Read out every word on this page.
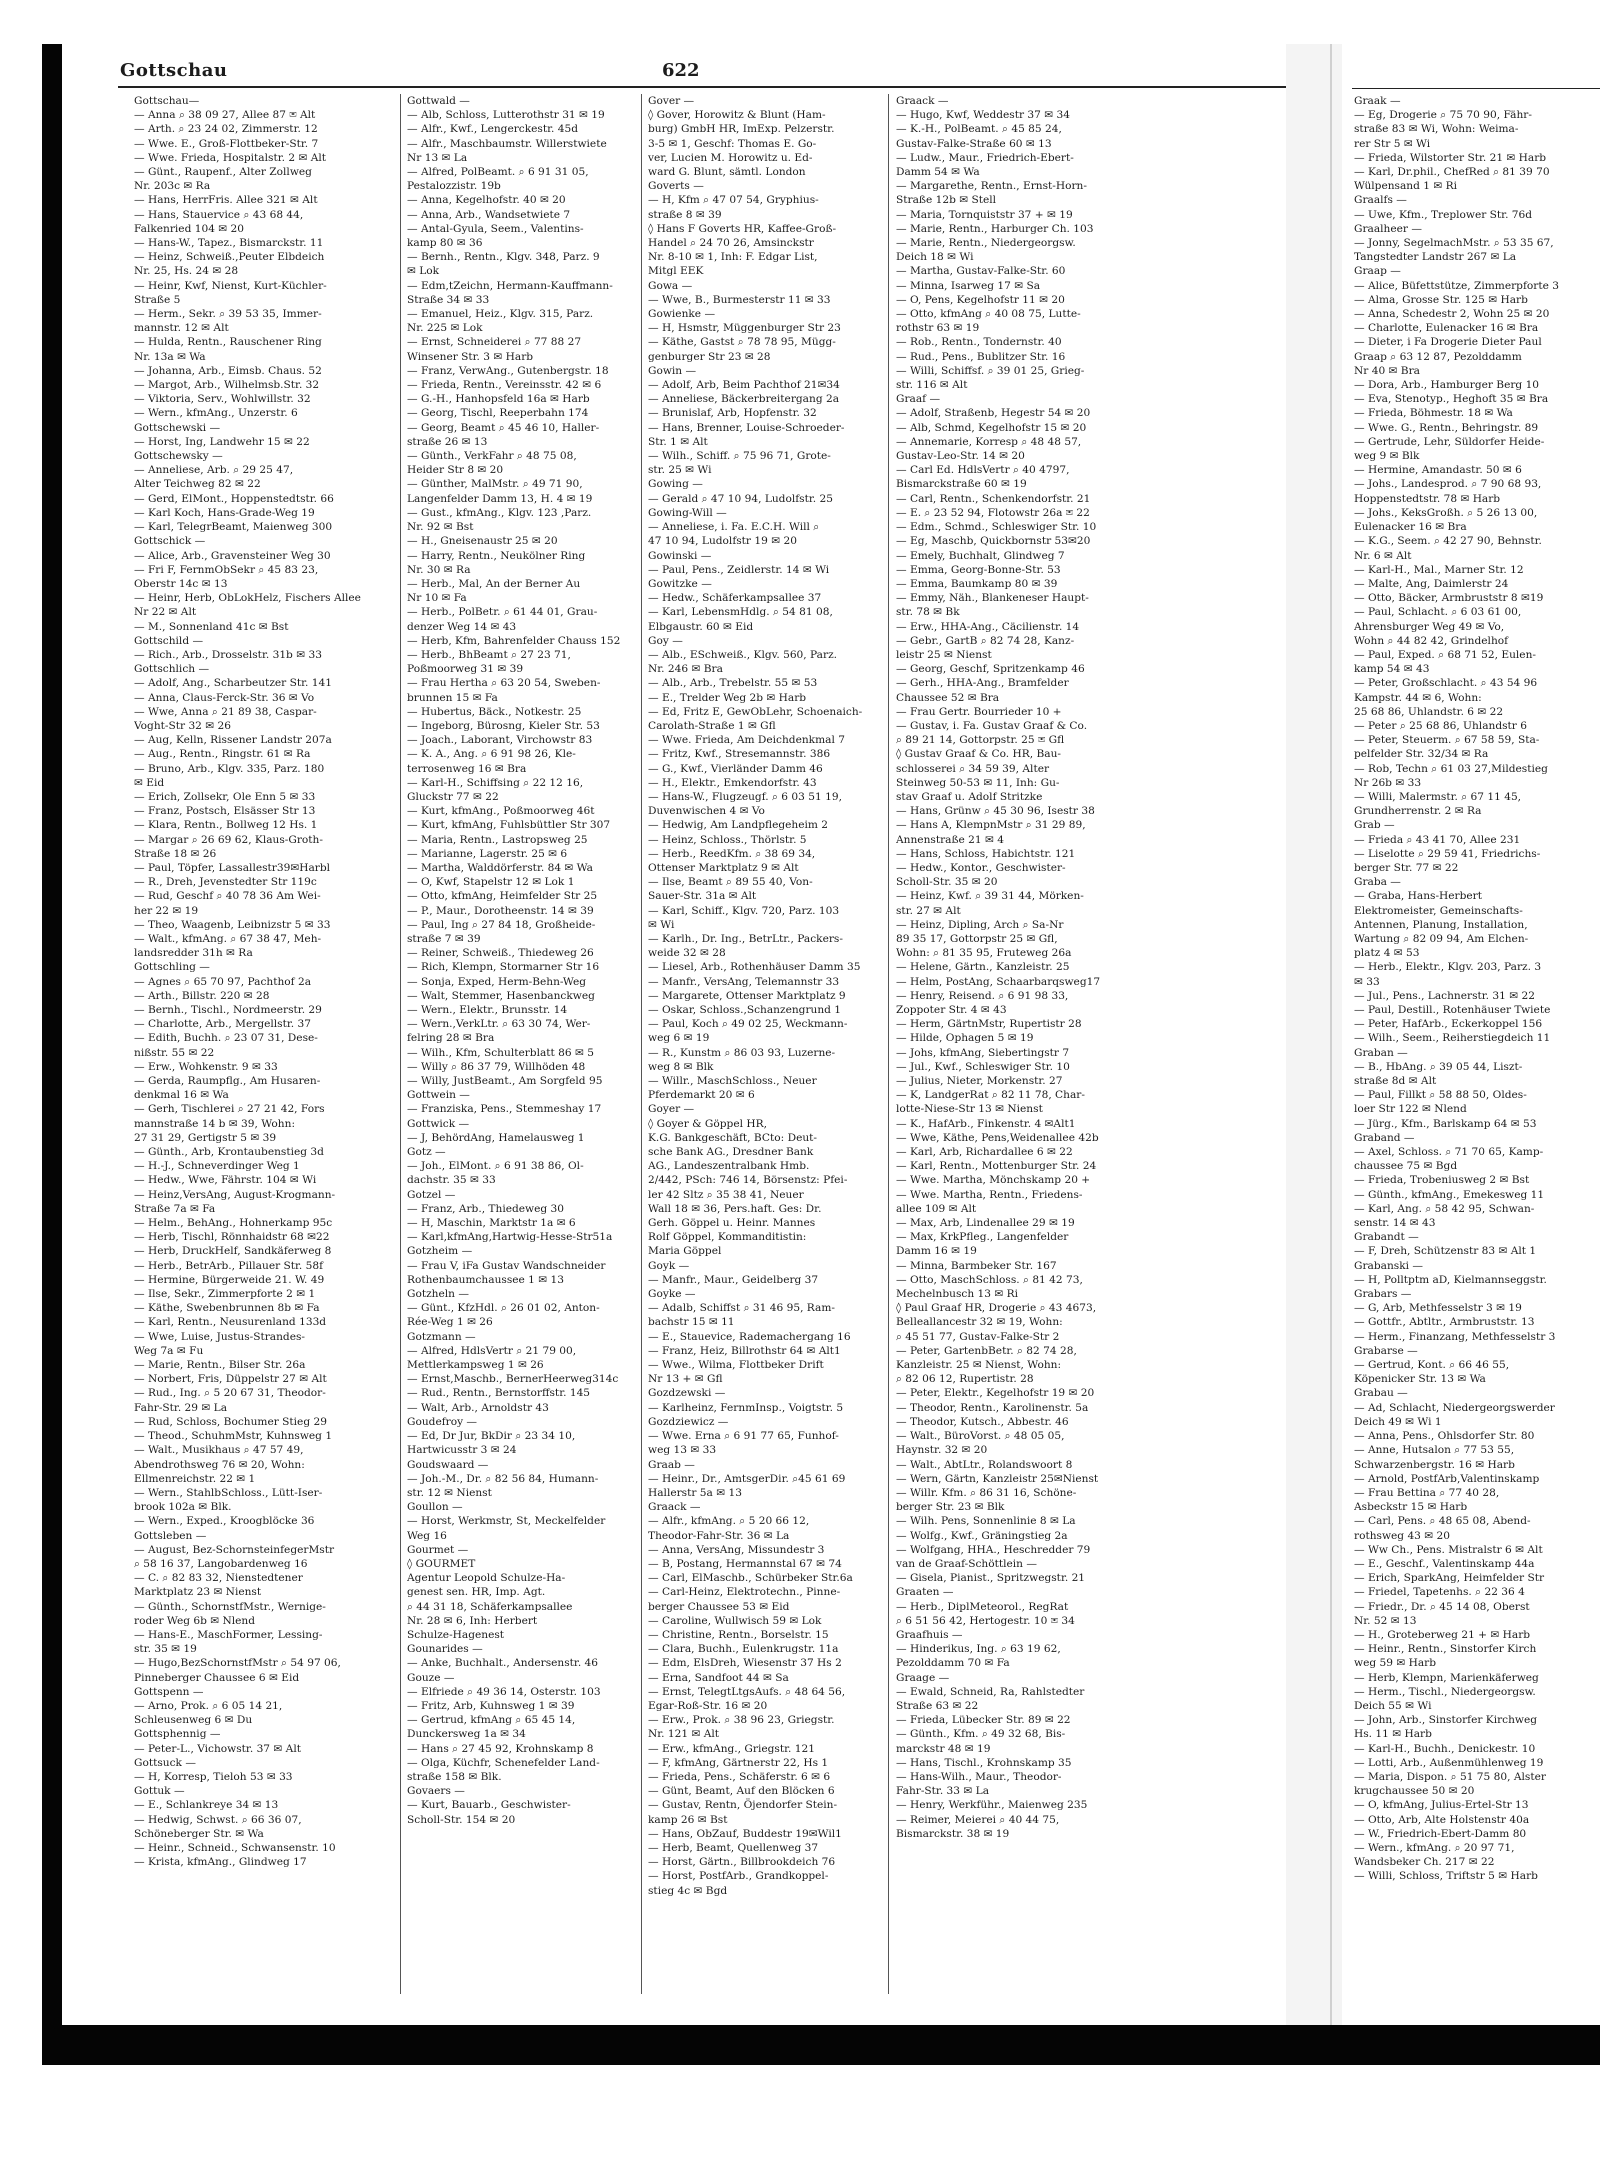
Gottschau	622

Gottschau—

— Anna ⌕ 38 09 27, Allee 87 ✉ Alt

— Arth. ⌕ 23 24 02, Zimmerstr. 12

— Wwe. E., Groß-Flottbeker-Str. 7

— Wwe. Frieda, Hospitalstr. 2 ✉ Alt

— Günt., Raupenf., Alter Zollweg

Nr. 203c ✉ Ra

— Hans, HerrFris. Allee 321 ✉ Alt

— Hans, Stauervice ⌕ 43 68 44,

Falkenried 104 ✉ 20

— Hans-W., Tapez., Bismarckstr. 11

— Heinz, Schweiß.,Peuter Elbdeich

Nr. 25, Hs. 24 ✉ 28

— Heinr, Kwf, Nienst, Kurt-Küchler-

Straße 5

— Herm., Sekr. ⌕ 39 53 35, Immer-

mannstr. 12 ✉ Alt

— Hulda, Rentn., Rauschener Ring

Nr. 13a ✉ Wa

— Johanna, Arb., Eimsb. Chaus. 52

— Margot, Arb., Wilhelmsb.Str. 32

— Viktoria, Serv., Wohlwillstr. 32

— Wern., kfmAng., Unzerstr. 6

Gottschewski —

— Horst, Ing, Landwehr 15 ✉ 22

Gottschewsky —

— Anneliese, Arb. ⌕ 29 25 47,

Alter Teichweg 82 ✉ 22

— Gerd, ElMont., Hoppenstedtstr. 66

— Karl Koch, Hans-Grade-Weg 19

— Karl, TelegrBeamt, Maienweg 300

Gottschick —

— Alice, Arb., Gravensteiner Weg 30

— Fri F, FernmObSekr ⌕ 45 83 23,

Oberstr 14c ✉ 13

— Heinr, Herb, ObLokHelz, Fischers Allee

Nr 22 ✉ Alt

— M., Sonnenland 41c ✉ Bst

Gottschild —

— Rich., Arb., Drosselstr. 31b ✉ 33

Gottschlich —

— Adolf, Ang., Scharbeutzer Str. 141

— Anna, Claus-Ferck-Str. 36 ✉ Vo

— Wwe, Anna ⌕ 21 89 38, Caspar-

Voght-Str 32 ✉ 26

— Aug, Kelln, Rissener Landstr 207a

— Aug., Rentn., Ringstr. 61 ✉ Ra

— Bruno, Arb., Klgv. 335, Parz. 180

✉ Eid

— Erich, Zollsekr, Ole Enn 5 ✉ 33

— Franz, Postsch, Elsässer Str 13

— Klara, Rentn., Bollweg 12 Hs. 1

— Margar ⌕ 26 69 62, Klaus-Groth-

Straße 18 ✉ 26

— Paul, Töpfer, Lassallestr39✉Harbl

— R., Dreh, Jevenstedter Str 119c

— Rud, Geschf ⌕ 40 78 36 Am Wei-

her 22 ✉ 19

— Theo, Waagenb, Leibnizstr 5 ✉ 33

— Walt., kfmAng. ⌕ 67 38 47, Meh-

landsredder 31h ✉ Ra

Gottschling —

— Agnes ⌕ 65 70 97, Pachthof 2a

— Arth., Billstr. 220 ✉ 28

— Bernh., Tischl., Nordmeerstr. 29

— Charlotte, Arb., Mergellstr. 37

— Edith, Buchh. ⌕ 23 07 31, Dese-

nißstr. 55 ✉ 22

— Erw., Wohkenstr. 9 ✉ 33

— Gerda, Raumpflg., Am Husaren-

denkmal 16 ✉ Wa

— Gerh, Tischlerei ⌕ 27 21 42, Fors

mannstraße 14 b ✉ 39, Wohn:

27 31 29, Gertigstr 5 ✉ 39

— Günth., Arb, Krontaubenstieg 3d

— H.-J., Schneverdinger Weg 1

— Hedw., Wwe, Fährstr. 104 ✉ Wi

— Heinz,VersAng, August-Krogmann-

Straße 7a ✉ Fa

— Helm., BehAng., Hohnerkamp 95c

— Herb, Tischl, Rönnhaidstr 68 ✉22

— Herb, DruckHelf, Sandkäferweg 8

— Herb., BetrArb., Pillauer Str. 58f

— Hermine, Bürgerweide 21. W. 49

— Ilse, Sekr., Zimmerpforte 2 ✉ 1

— Käthe, Swebenbrunnen 8b ✉ Fa

— Karl, Rentn., Neusurenland 133d

— Wwe, Luise, Justus-Strandes-

Weg 7a ✉ Fu

— Marie, Rentn., Bilser Str. 26a

— Norbert, Fris, Düppelstr 27 ✉ Alt

— Rud., Ing. ⌕ 5 20 67 31, Theodor-

Fahr-Str. 29 ✉ La

— Rud, Schloss, Bochumer Stieg 29

— Theod., SchuhmMstr, Kuhnsweg 1

— Walt., Musikhaus ⌕ 47 57 49,

Abendrothsweg 76 ✉ 20, Wohn:

Ellmenreichstr. 22 ✉ 1

— Wern., StahlbSchloss., Lütt-Iser-

brook 102a ✉ Blk.

— Wern., Exped., Kroogblöcke 36

Gottsleben —

— August, Bez-SchornsteinfegerMstr

⌕ 58 16 37, Langobardenweg 16

— C. ⌕ 82 83 32, Nienstedtener

Marktplatz 23 ✉ Nienst

— Günth., SchornstfMstr., Wernige-

roder Weg 6b ✉ Nlend

— Hans-E., MaschFormer, Lessing-

str. 35 ✉ 19

— Hugo,BezSchornstfMstr ⌕ 54 97 06,

Pinneberger Chaussee 6 ✉ Eid

Gottspenn —

— Arno, Prok. ⌕ 6 05 14 21,

Schleusenweg 6 ✉ Du

Gottsphennig —

— Peter-L., Vichowstr. 37 ✉ Alt

Gottsuck —

— H, Korresp, Tieloh 53 ✉ 33

Gottuk —

— E., Schlankreye 34 ✉ 13

— Hedwig, Schwst. ⌕ 66 36 07,

Schöneberger Str. ✉ Wa

— Heinr., Schneid., Schwansenstr. 10

— Krista, kfmAng., Glindweg 17

Gottwald —

— Alb, Schloss, Lutterothstr 31 ✉ 19

— Alfr., Kwf., Lengerckestr. 45d

— Alfr., Maschbaumstr. Willerstwiete

Nr 13 ✉ La

— Alfred, PolBeamt. ⌕ 6 91 31 05,

Pestalozzistr. 19b

— Anna, Kegelhofstr. 40 ✉ 20

— Anna, Arb., Wandsetwiete 7

— Antal-Gyula, Seem., Valentins-

kamp 80 ✉ 36

— Bernh., Rentn., Klgv. 348, Parz. 9

✉ Lok

— Edm,tZeichn, Hermann-Kauffmann-

Straße 34 ✉ 33

— Emanuel, Heiz., Klgv. 315, Parz.

Nr. 225 ✉ Lok

— Ernst, Schneiderei ⌕ 77 88 27

Winsener Str. 3 ✉ Harb

— Franz, VerwAng., Gutenbergstr. 18

— Frieda, Rentn., Vereinsstr. 42 ✉ 6

— G.-H., Hanhopsfeld 16a ✉ Harb

— Georg, Tischl, Reeperbahn 174

— Georg, Beamt ⌕ 45 46 10, Haller-

straße 26 ✉ 13

— Günth., VerkFahr ⌕ 48 75 08,

Heider Str 8 ✉ 20

— Günther, MalMstr. ⌕ 49 71 90,

Langenfelder Damm 13, H. 4 ✉ 19

— Gust., kfmAng., Klgv. 123 ,Parz.

Nr. 92 ✉ Bst

— H., Gneisenaustr 25 ✉ 20

— Harry, Rentn., Neukölner Ring

Nr. 30 ✉ Ra

— Herb., Mal, An der Berner Au

Nr 10 ✉ Fa

— Herb., PolBetr. ⌕ 61 44 01, Grau-

denzer Weg 14 ✉ 43

— Herb, Kfm, Bahrenfelder Chauss 152

— Herb., BhBeamt ⌕ 27 23 71,

Poßmoorweg 31 ✉ 39

— Frau Hertha ⌕ 63 20 54, Sweben-

brunnen 15 ✉ Fa

— Hubertus, Bäck., Notkestr. 25

— Ingeborg, Bürosng, Kieler Str. 53

— Joach., Laborant, Virchowstr 83

— K. A., Ang. ⌕ 6 91 98 26, Kle-

terrosenweg 16 ✉ Bra

— Karl-H., Schiffsing ⌕ 22 12 16,

Gluckstr 77 ✉ 22

— Kurt, kfmAng., Poßmoorweg 46t

— Kurt, kfmAng, Fuhlsbüttler Str 307

— Maria, Rentn., Lastropsweg 25

— Marianne, Lagerstr. 25 ✉ 6

— Martha, Walddörferstr. 84 ✉ Wa

— O, Kwf, Stapelstr 12 ✉ Lok 1

— Otto, kfmAng, Heimfelder Str 25

— P., Maur., Dorotheenstr. 14 ✉ 39

— Paul, Ing ⌕ 27 84 18, Großheide-

straße 7 ✉ 39

— Reiner, Schweiß., Thiedeweg 26

— Rich, Klempn, Stormarner Str 16

— Sonja, Exped, Herm-Behn-Weg

— Walt, Stemmer, Hasenbanckweg

— Wern., Elektr., Brunsstr. 14

— Wern.,VerkLtr. ⌕ 63 30 74, Wer-

felring 28 ✉ Bra

— Wilh., Kfm, Schulterblatt 86 ✉ 5

— Willy ⌕ 86 37 79, Willhöden 48

— Willy, JustBeamt., Am Sorgfeld 95

Gottwein —

— Franziska, Pens., Stemmeshay 17

Gottwick —

— J, BehördAng, Hamelausweg 1

Gotz —

— Joh., ElMont. ⌕ 6 91 38 86, Ol-

dachstr. 35 ✉ 33

Gotzel —

— Franz, Arb., Thiedeweg 30

— H, Maschin, Marktstr 1a ✉ 6

— Karl,kfmAng,Hartwig-Hesse-Str51a

Gotzheim —

— Frau V, iFa Gustav Wandschneider

Rothenbaumchaussee 1 ✉ 13

Gotzheln —

— Günt., KfzHdl. ⌕ 26 01 02, Anton-

Rée-Weg 1 ✉ 26

Gotzmann —

— Alfred, HdlsVertr ⌕ 21 79 00,

Mettlerkampsweg 1 ✉ 26

— Ernst,Maschb., BernerHeerweg314c

— Rud., Rentn., Bernstorffstr. 145

— Walt, Arb., Arnoldstr 43

Goudefroy —

— Ed, Dr Jur, BkDir ⌕ 23 34 10,

Hartwicusstr 3 ✉ 24

Goudswaard —

— Joh.-M., Dr. ⌕ 82 56 84, Humann-

str. 12 ✉ Nienst

Goullon —

— Horst, Werkmstr, St, Meckelfelder

Weg 16

Gourmet —

◊ GOURMET

Agentur Leopold Schulze-Ha-

genest sen. HR, Imp. Agt.

⌕ 44 31 18, Schäferkampsallee

Nr. 28 ✉ 6, Inh: Herbert

Schulze-Hagenest

Gounarides —

— Anke, Buchhalt., Andersenstr. 46

Gouze —

— Elfriede ⌕ 49 36 14, Osterstr. 103

— Fritz, Arb, Kuhnsweg 1 ✉ 39

— Gertrud, kfmAng ⌕ 65 45 14,

Dunckersweg 1a ✉ 34

— Hans ⌕ 27 45 92, Krohnskamp 8

— Olga, Küchfr, Schenefelder Land-

straße 158 ✉ Blk.

Govaers —

— Kurt, Bauarb., Geschwister-

Scholl-Str. 154 ✉ 20

Gover —

◊ Gover, Horowitz & Blunt (Ham-

burg) GmbH HR, ImExp. Pelzerstr.

3-5 ✉ 1, Geschf: Thomas E. Go-

ver, Lucien M. Horowitz u. Ed-

ward G. Blunt, sämtl. London

Goverts —

— H, Kfm ⌕ 47 07 54, Gryphius-

straße 8 ✉ 39

◊ Hans F Goverts HR, Kaffee-Groß-

Handel ⌕ 24 70 26, Amsinckstr

Nr. 8-10 ✉ 1, Inh: F. Edgar List,

Mitgl EEK

Gowa —

— Wwe, B., Burmesterstr 11 ✉ 33

Gowienke —

— H, Hsmstr, Müggenburger Str 23

— Käthe, Gastst ⌕ 78 78 95, Mügg-

genburger Str 23 ✉ 28

Gowin —

— Adolf, Arb, Beim Pachthof 21✉34

— Anneliese, Bäckerbreitergang 2a

— Brunislaf, Arb, Hopfenstr. 32

— Hans, Brenner, Louise-Schroeder-

Str. 1 ✉ Alt

— Wilh., Schiff. ⌕ 75 96 71, Grote-

str. 25 ✉ Wi

Gowing —

— Gerald ⌕ 47 10 94, Ludolfstr. 25

Gowing-Will —

— Anneliese, i. Fa. E.C.H. Will ⌕

47 10 94, Ludolfstr 19 ✉ 20

Gowinski —

— Paul, Pens., Zeidlerstr. 14 ✉ Wi

Gowitzke —

— Hedw., Schäferkampsallee 37

— Karl, LebensmHdlg. ⌕ 54 81 08,

Elbgaustr. 60 ✉ Eid

Goy —

— Alb., ESchweiß., Klgv. 560, Parz.

Nr. 246 ✉ Bra

— Alb., Arb., Trebelstr. 55 ✉ 53

— E., Trelder Weg 2b ✉ Harb

— Ed, Fritz E, GewObLehr, Schoenaich-

Carolath-Straße 1 ✉ Gfl

— Wwe. Frieda, Am Deichdenkmal 7

— Fritz, Kwf., Stresemannstr. 386

— G., Kwf., Vierländer Damm 46

— H., Elektr., Emkendorfstr. 43

— Hans-W., Flugzeugf. ⌕ 6 03 51 19,

Duvenwischen 4 ✉ Vo

— Hedwig, Am Landpflegeheim 2

— Heinz, Schloss., Thörlstr. 5

— Herb., ReedKfm. ⌕ 38 69 34,

Ottenser Marktplatz 9 ✉ Alt

— Ilse, Beamt ⌕ 89 55 40, Von-

Sauer-Str. 31a ✉ Alt

— Karl, Schiff., Klgv. 720, Parz. 103

✉ Wi

— Karlh., Dr. Ing., BetrLtr., Packers-

weide 32 ✉ 28

— Liesel, Arb., Rothenhäuser Damm 35

— Manfr., VersAng, Telemannstr 33

— Margarete, Ottenser Marktplatz 9

— Oskar, Schloss.,Schanzengrund 1

— Paul, Koch ⌕ 49 02 25, Weckmann-

weg 6 ✉ 19

— R., Kunstm ⌕ 86 03 93, Luzerne-

weg 8 ✉ Blk

— Willr., MaschSchloss., Neuer

Pferdemarkt 20 ✉ 6

Goyer —

◊ Goyer & Göppel HR,

K.G. Bankgeschäft, BCto: Deut-

sche Bank AG., Dresdner Bank

AG., Landeszentralbank Hmb.

2/442, PSch: 746 14, Börsenstz: Pfei-

ler 42 Sltz ⌕ 35 38 41, Neuer

Wall 18 ✉ 36, Pers.haft. Ges: Dr.

Gerh. Göppel u. Heinr. Mannes

Rolf Göppel, Kommanditistin:

Maria Göppel

Goyk —

— Manfr., Maur., Geidelberg 37

Goyke —

— Adalb, Schiffst ⌕ 31 46 95, Ram-

bachstr 15 ✉ 11

— E., Stauevice, Rademachergang 16

— Franz, Heiz, Billrothstr 64 ✉ Alt1

— Wwe., Wilma, Flottbeker Drift

Nr 13 + ✉ Gfl

Gozdzewski —

— Karlheinz, FernmInsp., Voigtstr. 5

Gozdziewicz —

— Wwe. Erna ⌕ 6 91 77 65, Funhof-

weg 13 ✉ 33

Graab —

— Heinr., Dr., AmtsgerDir. ⌕45 61 69

Hallerstr 5a ✉ 13

Graack —

— Alfr., kfmAng. ⌕ 5 20 66 12,

Theodor-Fahr-Str. 36 ✉ La

— Anna, VersAng, Missundestr 3

— B, Postang, Hermannstal 67 ✉ 74

— Carl, ElMaschb., Schürbeker Str.6a

— Carl-Heinz, Elektrotechn., Pinne-

berger Chaussee 53 ✉ Eid

— Caroline, Wullwisch 59 ✉ Lok

— Christine, Rentn., Borselstr. 15

— Clara, Buchh., Eulenkrugstr. 11a

— Edm, ElsDreh, Wiesenstr 37 Hs 2

— Erna, Sandfoot 44 ✉ Sa

— Ernst, TelegtLtgsAufs. ⌕ 48 64 56,

Egar-Roß-Str. 16 ✉ 20

— Erw., Prok. ⌕ 38 96 23, Griegstr.

Nr. 121 ✉ Alt

— Erw., kfmAng., Griegstr. 121

— F, kfmAng, Gärtnerstr 22, Hs 1

— Frieda, Pens., Schäferstr. 6 ✉ 6

— Günt, Beamt, Auf den Blöcken 6

— Gustav, Rentn, Öjendorfer Stein-

kamp 26 ✉ Bst

— Hans, ObZauf, Buddestr 19✉Wil1

— Herb, Beamt, Quellenweg 37

— Horst, Gärtn., Billbrookdeich 76

— Horst, PostfArb., Grandkoppel-

stieg 4c ✉ Bgd

Graack —

— Hugo, Kwf, Weddestr 37 ✉ 34

— K.-H., PolBeamt. ⌕ 45 85 24,

Gustav-Falke-Straße 60 ✉ 13

— Ludw., Maur., Friedrich-Ebert-

Damm 54 ✉ Wa

— Margarethe, Rentn., Ernst-Horn-

Straße 12b ✉ Stell

— Maria, Tornquiststr 37 + ✉ 19

— Marie, Rentn., Harburger Ch. 103

— Marie, Rentn., Niedergeorgsw.

Deich 18 ✉ Wi

— Martha, Gustav-Falke-Str. 60

— Minna, Isarweg 17 ✉ Sa

— O, Pens, Kegelhofstr 11 ✉ 20

— Otto, kfmAng ⌕ 40 08 75, Lutte-

rothstr 63 ✉ 19

— Rob., Rentn., Tondernstr. 40

— Rud., Pens., Bublitzer Str. 16

— Willi, Schiffsf. ⌕ 39 01 25, Grieg-

str. 116 ✉ Alt

Graaf —

— Adolf, Straßenb, Hegestr 54 ✉ 20

— Alb, Schmd, Kegelhofstr 15 ✉ 20

— Annemarie, Korresp ⌕ 48 48 57,

Gustav-Leo-Str. 14 ✉ 20

— Carl Ed. HdlsVertr ⌕ 40 4797,

Bismarckstraße 60 ✉ 19

— Carl, Rentn., Schenkendorfstr. 21

— E. ⌕ 23 52 94, Flotowstr 26a ✉ 22

— Edm., Schmd., Schleswiger Str. 10

— Eg, Maschb, Quickbornstr 53✉20

— Emely, Buchhalt, Glindweg 7

— Emma, Georg-Bonne-Str. 53

— Emma, Baumkamp 80 ✉ 39

— Emmy, Näh., Blankeneser Haupt-

str. 78 ✉ Bk

— Erw., HHA-Ang., Cäcilienstr. 14

— Gebr., GartB ⌕ 82 74 28, Kanz-

leistr 25 ✉ Nienst

— Georg, Geschf, Spritzenkamp 46

— Gerh., HHA-Ang., Bramfelder

Chaussee 52 ✉ Bra

— Frau Gertr. Bourrieder 10 +

— Gustav, i. Fa. Gustav Graaf & Co.

⌕ 89 21 14, Gottorpstr. 25 ✉ Gfl

◊ Gustav Graaf & Co. HR, Bau-

schlosserei ⌕ 34 59 39, Alter

Steinweg 50-53 ✉ 11, Inh: Gu-

stav Graaf u. Adolf Stritzke

— Hans, Grünw ⌕ 45 30 96, Isestr 38

— Hans A, KlempnMstr ⌕ 31 29 89,

Annenstraße 21 ✉ 4

— Hans, Schloss, Habichtstr. 121

— Hedw., Kontor., Geschwister-

Scholl-Str. 35 ✉ 20

— Heinz, Kwf. ⌕ 39 31 44, Mörken-

str. 27 ✉ Alt

— Heinz, Dipling, Arch ⌕ Sa-Nr

89 35 17, Gottorpstr 25 ✉ Gfl,

Wohn: ⌕ 81 35 95, Fruteweg 26a

— Helene, Gärtn., Kanzleistr. 25

— Helm, PostAng, Schaarbarqsweg17

— Henry, Reisend. ⌕ 6 91 98 33,

Zoppoter Str. 4 ✉ 43

— Herm, GärtnMstr, Rupertistr 28

— Hilde, Ophagen 5 ✉ 19

— Johs, kfmAng, Siebertingstr 7

— Jul., Kwf., Schleswiger Str. 10

— Julius, Nieter, Morkenstr. 27

— K, LandgerRat ⌕ 82 11 78, Char-

lotte-Niese-Str 13 ✉ Nienst

— K., HafArb., Finkenstr. 4 ✉Alt1

— Wwe, Käthe, Pens,Weidenallee 42b

— Karl, Arb, Richardallee 6 ✉ 22

— Karl, Rentn., Mottenburger Str. 24

— Wwe. Martha, Mönchskamp 20 +

— Wwe. Martha, Rentn., Friedens-

allee 109 ✉ Alt

— Max, Arb, Lindenallee 29 ✉ 19

— Max, KrkPfleg., Langenfelder

Damm 16 ✉ 19

— Minna, Barmbeker Str. 167

— Otto, MaschSchloss. ⌕ 81 42 73,

Mechelnbusch 13 ✉ Ri

◊ Paul Graaf HR, Drogerie ⌕ 43 4673,

Belleallancestr 32 ✉ 19, Wohn:

⌕ 45 51 77, Gustav-Falke-Str 2

— Peter, GartenbBetr. ⌕ 82 74 28,

Kanzleistr. 25 ✉ Nienst, Wohn:

⌕ 82 06 12, Rupertistr. 28

— Peter, Elektr., Kegelhofstr 19 ✉ 20

— Theodor, Rentn., Karolinenstr. 5a

— Theodor, Kutsch., Abbestr. 46

— Walt., BüroVorst. ⌕ 48 05 05,

Haynstr. 32 ✉ 20

— Walt., AbtLtr., Rolandswoort 8

— Wern, Gärtn, Kanzleistr 25✉Nienst

— Willr. Kfm. ⌕ 86 31 16, Schöne-

berger Str. 23 ✉ Blk

— Wilh. Pens, Sonnenlinie 8 ✉ La

— Wolfg., Kwf., Gräningstieg 2a

— Wolfgang, HHA., Heschredder 79

van de Graaf-Schöttlein —

— Gisela, Pianist., Spritzwegstr. 21

Graaten —

— Herb., DiplMeteorol., RegRat

⌕ 6 51 56 42, Hertogestr. 10 ✉ 34

Graafhuis —

— Hinderikus, Ing. ⌕ 63 19 62,

Pezolddamm 70 ✉ Fa

Graage —

— Ewald, Schneid, Ra, Rahlstedter

Straße 63 ✉ 22

— Frieda, Lübecker Str. 89 ✉ 22

— Günth., Kfm. ⌕ 49 32 68, Bis-

marckstr 48 ✉ 19

— Hans, Tischl., Krohnskamp 35

— Hans-Wilh., Maur., Theodor-

Fahr-Str. 33 ✉ La

— Henry, Werkführ., Maienweg 235

— Reimer, Meierei ⌕ 40 44 75,

Bismarckstr. 38 ✉ 19

Graak —

— Eg, Drogerie ⌕ 75 70 90, Fähr-

straße 83 ✉ Wi, Wohn: Weima-

rer Str 5 ✉ Wi

— Frieda, Wilstorter Str. 21 ✉ Harb

— Karl, Dr.phil., ChefRed ⌕ 81 39 70

Wülpensand 1 ✉ Ri

Graalfs —

— Uwe, Kfm., Treplower Str. 76d

Graalheer —

— Jonny, SegelmachMstr. ⌕ 53 35 67,

Tangstedter Landstr 267 ✉ La

Graap —

— Alice, Büfettstütze, Zimmerpforte 3

— Alma, Grosse Str. 125 ✉ Harb

— Anna, Schedestr 2, Wohn 25 ✉ 20

— Charlotte, Eulenacker 16 ✉ Bra

— Dieter, i Fa Drogerie Dieter Paul

Graap ⌕ 63 12 87, Pezolddamm

Nr 40 ✉ Bra

— Dora, Arb., Hamburger Berg 10

— Eva, Stenotyp., Heghoft 35 ✉ Bra

— Frieda, Böhmestr. 18 ✉ Wa

— Wwe. G., Rentn., Behringstr. 89

— Gertrude, Lehr, Süldorfer Heide-

weg 9 ✉ Blk

— Hermine, Amandastr. 50 ✉ 6

— Johs., Landesprod. ⌕ 7 90 68 93,

Hoppenstedtstr. 78 ✉ Harb

— Johs., KeksGroßh. ⌕ 5 26 13 00,

Eulenacker 16 ✉ Bra

— K.G., Seem. ⌕ 42 27 90, Behnstr.

Nr. 6 ✉ Alt

— Karl-H., Mal., Marner Str. 12

— Malte, Ang, Daimlerstr 24

— Otto, Bäcker, Armbruststr 8 ✉19

— Paul, Schlacht. ⌕ 6 03 61 00,

Ahrensburger Weg 49 ✉ Vo,

Wohn ⌕ 44 82 42, Grindelhof

— Paul, Exped. ⌕ 68 71 52, Eulen-

kamp 54 ✉ 43

— Peter, Großschlacht. ⌕ 43 54 96

Kampstr. 44 ✉ 6, Wohn:

25 68 86, Uhlandstr. 6 ✉ 22

— Peter ⌕ 25 68 86, Uhlandstr 6

— Peter, Steuerm. ⌕ 67 58 59, Sta-

pelfelder Str. 32/34 ✉ Ra

— Rob, Techn ⌕ 61 03 27,Mildestieg

Nr 26b ✉ 33

— Willi, Malermstr. ⌕ 67 11 45,

Grundherrenstr. 2 ✉ Ra

Grab —

— Frieda ⌕ 43 41 70, Allee 231

— Liselotte ⌕ 29 59 41, Friedrichs-

berger Str. 77 ✉ 22

Graba —

— Graba, Hans-Herbert

Elektromeister, Gemeinschafts-

Antennen, Planung, Installation,

Wartung ⌕ 82 09 94, Am Elchen-

platz 4 ✉ 53

— Herb., Elektr., Klgv. 203, Parz. 3

✉ 33

— Jul., Pens., Lachnerstr. 31 ✉ 22

— Paul, Destill., Rotenhäuser Twiete

— Peter, HafArb., Eckerkoppel 156

— Wilh., Seem., Reiherstiegdeich 11

Graban —

— B., HbAng. ⌕ 39 05 44, Liszt-

straße 8d ✉ Alt

— Paul, Fillkt ⌕ 58 88 50, Oldes-

loer Str 122 ✉ Nlend

— Jürg., Kfm., Barlskamp 64 ✉ 53

Graband —

— Axel, Schloss. ⌕ 71 70 65, Kamp-

chaussee 75 ✉ Bgd

— Frieda, Trobeniusweg 2 ✉ Bst

— Günth., kfmAng., Emekesweg 11

— Karl, Ang. ⌕ 58 42 95, Schwan-

senstr. 14 ✉ 43

Grabandt —

— F, Dreh, Schützenstr 83 ✉ Alt 1

Grabanski —

— H, Polltptm aD, Kielmannseggstr.

Grabars —

— G, Arb, Methfesselstr 3 ✉ 19

— Gottfr., Abtltr., Armbruststr. 13

— Herm., Finanzang, Methfesselstr 3

Grabarse —

— Gertrud, Kont. ⌕ 66 46 55,

Köpenicker Str. 13 ✉ Wa

Grabau —

— Ad, Schlacht, Niedergeorgswerder

Deich 49 ✉ Wi 1

— Anna, Pens., Ohlsdorfer Str. 80

— Anne, Hutsalon ⌕ 77 53 55,

Schwarzenbergstr. 16 ✉ Harb

— Arnold, PostfArb,Valentinskamp

— Frau Bettina ⌕ 77 40 28,

Asbeckstr 15 ✉ Harb

— Carl, Pens. ⌕ 48 65 08, Abend-

rothsweg 43 ✉ 20

— Ww Ch., Pens. Mistralstr 6 ✉ Alt

— E., Geschf., Valentinskamp 44a

— Erich, SparkAng, Heimfelder Str

— Friedel, Tapetenhs. ⌕ 22 36 4

— Friedr., Dr. ⌕ 45 14 08, Oberst

Nr. 52 ✉ 13

— H., Groteberweg 21 + ✉ Harb

— Heinr., Rentn., Sinstorfer Kirch

weg 59 ✉ Harb

— Herb, Klempn, Marienkäferweg

— Herm., Tischl., Niedergeorgsw.

Deich 55 ✉ Wi

— John, Arb., Sinstorfer Kirchweg

Hs. 11 ✉ Harb

— Karl-H., Buchh., Denickestr. 10

— Lotti, Arb., Außenmühlenweg 19

— Maria, Dispon. ⌕ 51 75 80, Alster

krugchaussee 50 ✉ 20

— O, kfmAng, Julius-Ertel-Str 13

— Otto, Arb, Alte Holstenstr 40a

— W., Friedrich-Ebert-Damm 80

— Wern., kfmAng. ⌕ 20 97 71,

Wandsbeker Ch. 217 ✉ 22

— Willi, Schloss, Triftstr 5 ✉ Harb
